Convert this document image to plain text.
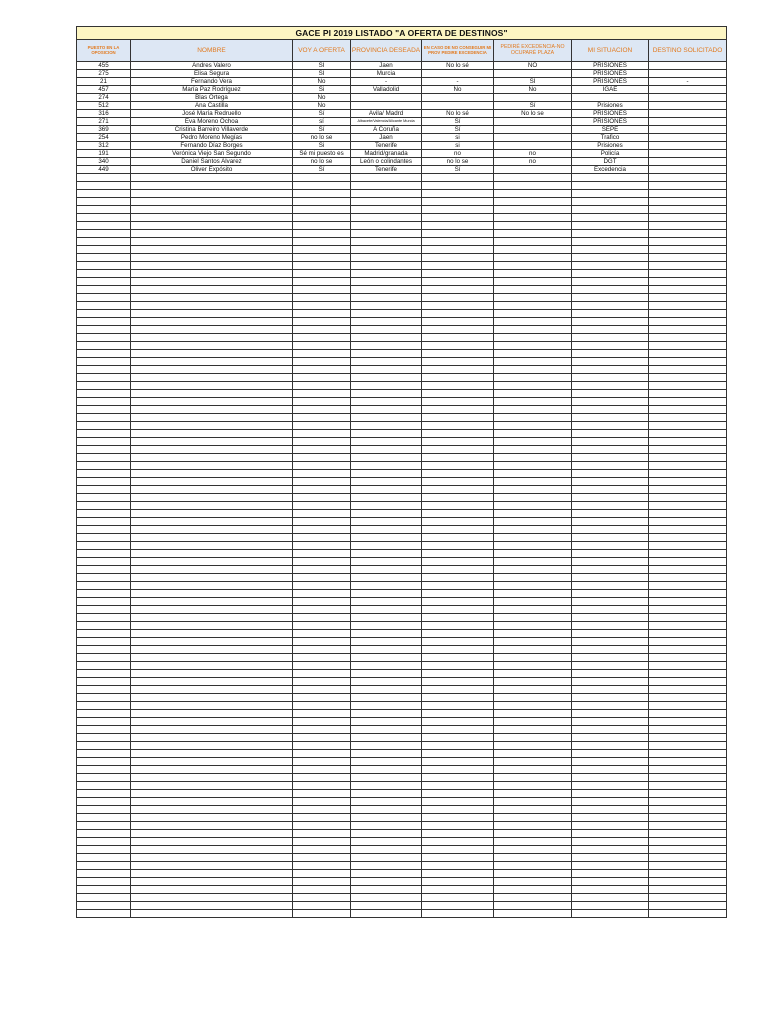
GACE PI 2019 LISTADO "A OFERTA DE DESTINOS"							
PUESTO EN LA OPOSICION	NOMBRE	VOY A OFERTA	PROVINCIA DESEADA	EN CASO DE NO CONSEGUIR MI PROV PEDIRE EXCEDENCIA	PEDIRÉ EXCEDENCIA-NO OCUPARÉ PLAZA	MI SITUACION	DESTINO SOLICITADO
455	Andres Valero	SI	Jaen	No lo sé	NO	PRISIONES	
275	Elisa Segura	SI	Murcia			PRISIONES	
21	Fernando Vera	No	-	-	SI	PRISIONES	-
457	María Paz Rodríguez	Si	Valladolid	No	No	IGAE	
274	Blas Ortega	No					
512	Ana Castilla	No			Sí	Prisiones	
316	José María Redruello	Sí	Avila/ Madrd	No lo sé	No lo se	PRISIONES	
271	Eva Moreno Ochoa	sí	Albacete/Valencia/Alicante Murcia	Sí		PRISIONES	
369	Cristina Barreiro Villaverde	Sí	A Coruña	Sí		SEPE	
254	Pedro Moreno Megías	no lo se	Jaen	si		Trafico	
312	Fernando Díaz Borges	Si	Tenerife	si		Prisiones	
191	Verónica Viejo San Segundo	Sé mi puesto es	Madrid/granada	no	no	Policía	
340	Daniel Santos Alvarez	no lo se	León o colindantes	no lo se	no	DGT	
449	Oliver Expósito	Sí	Tenerife	Sí		Excedencia	
